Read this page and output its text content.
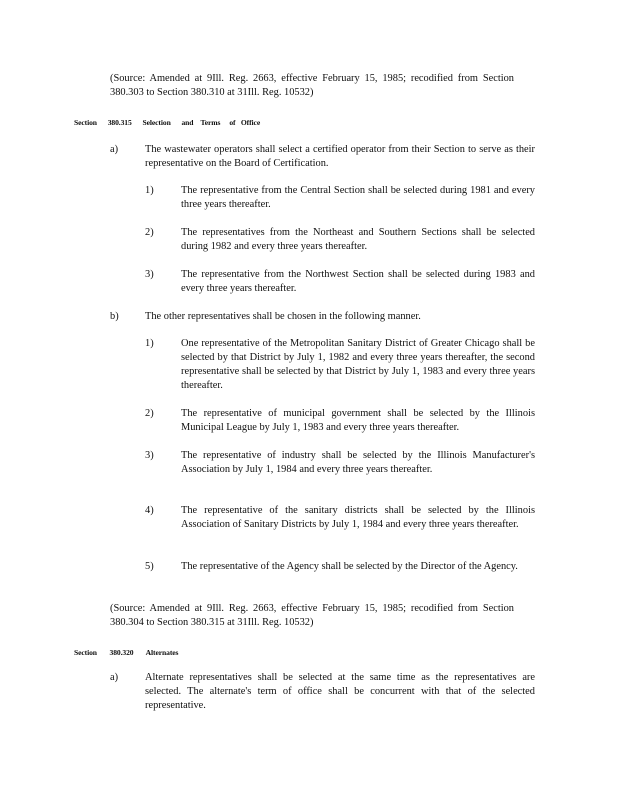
(Source: Amended at 9Ill. Reg. 2663, effective February 15, 1985; recodified from Section 380.303 to Section 380.310 at 31Ill. Reg. 10532)

Section      380.315      Selection      and    Terms     of   Office
a)	The wastewater operators shall select a certified operator from their Section to serve as their representative on the Board of Certification.

1)	The representative from the Central Section shall be selected during 1981 and every three years thereafter.

2)	The representatives from the Northeast and Southern Sections shall be selected during 1982 and every three years thereafter.

3)	The representative from the Northwest Section shall be selected during 1983 and every three years thereafter.

b)	The other representatives shall be chosen in the following manner.

1)	One representative of the Metropolitan Sanitary District of Greater Chicago shall be selected by that District by July 1, 1982 and every three years thereafter, the second representative shall be selected by that District by July 1, 1983 and every three years thereafter.

2)	The representative of municipal government shall be selected by the Illinois Municipal League by July 1, 1983 and every three years thereafter.

3)	The representative of industry shall be selected by the Illinois Manufacturer's Association by July 1, 1984 and every three years thereafter.

4)	The representative of the sanitary districts shall be selected by the Illinois Association of Sanitary Districts by July 1, 1984 and every three years thereafter.

5)	The representative of the Agency shall be selected by the Director of the Agency.

(Source: Amended at 9Ill. Reg. 2663, effective February 15, 1985; recodified from Section 380.304 to Section 380.315 at 31Ill. Reg. 10532)

Section       380.320       Alternates
a)	Alternate representatives shall be selected at the same time as the representatives are selected. The alternate's term of office shall be concurrent with that of the selected representative.
